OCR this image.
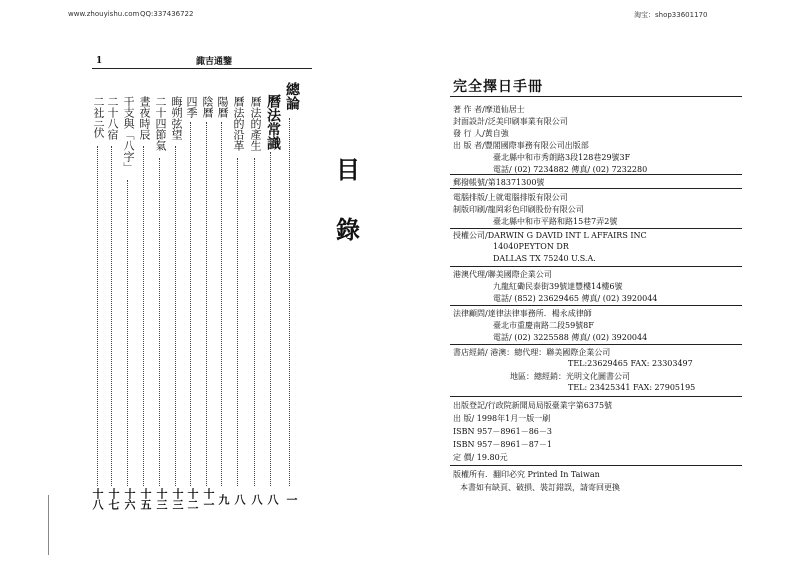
www.zhouyishu.com QQ:337436722	淘宝：shop33601170
1	諏吉通鑒
目
錄
總論
曆法常識
曆法的產生
曆法的沿革
陽曆
陰曆
四季
晦朔弦望
二十四節氣
晝夜時辰
干支與「八字」
二十八宿
三伏
二社
一
八
八
八
九
十一
十二
十三
十三
十五
十六
十七
十八
完全擇日手冊
著 作 者/摩道仙居士
封面設計/泛美印刷事業有限公司
發 行 人/黃自強
出 版 者/豐閣國際事務有限公司出版部
臺北縣中和市秀朗路3段128巷29號3F
電話/ (02) 7234882 傳真/ (02) 7232280
郵撥帳號/第18371300號
電腦排版/上就電腦排版有限公司
制版印刷/龍岡彩色印刷股份有限公司
臺北縣中和市平路和路15巷7弄2號
授權公司/DARWIN G DAVID INT L AFFAIRS INC
14040PEYTON DR
DALLAS TX 75240 U.S.A.
港澳代理/聯美國際企業公司
九龍紅磡民泰街39號達豐樓14樓6號
電話/ (852) 23629465 傳真/ (02) 3920044
法律顧問/達律法律事務所．楊永成律師
臺北市重慶南路二段59號8F
電話/ (02) 3225588 傳真/ (02) 3920044
書店經銷/ 港澳：總代理：聯美國際企業公司
TEL:23629465 FAX: 23303497
地區：總經銷：光明文化圖書公司
TEL: 23425341 FAX: 27905195
出版登記/行政院新聞局局版臺業字第6375號
出 版/ 1998年1月一版一刷
ISBN 957－8961－86－3
ISBN 957－8961－87－1
定 價/ 19.80元
版權所有．翻印必究 Printed In Taiwan
本書如有缺頁、破損、裝訂錯誤，請寄回更換
